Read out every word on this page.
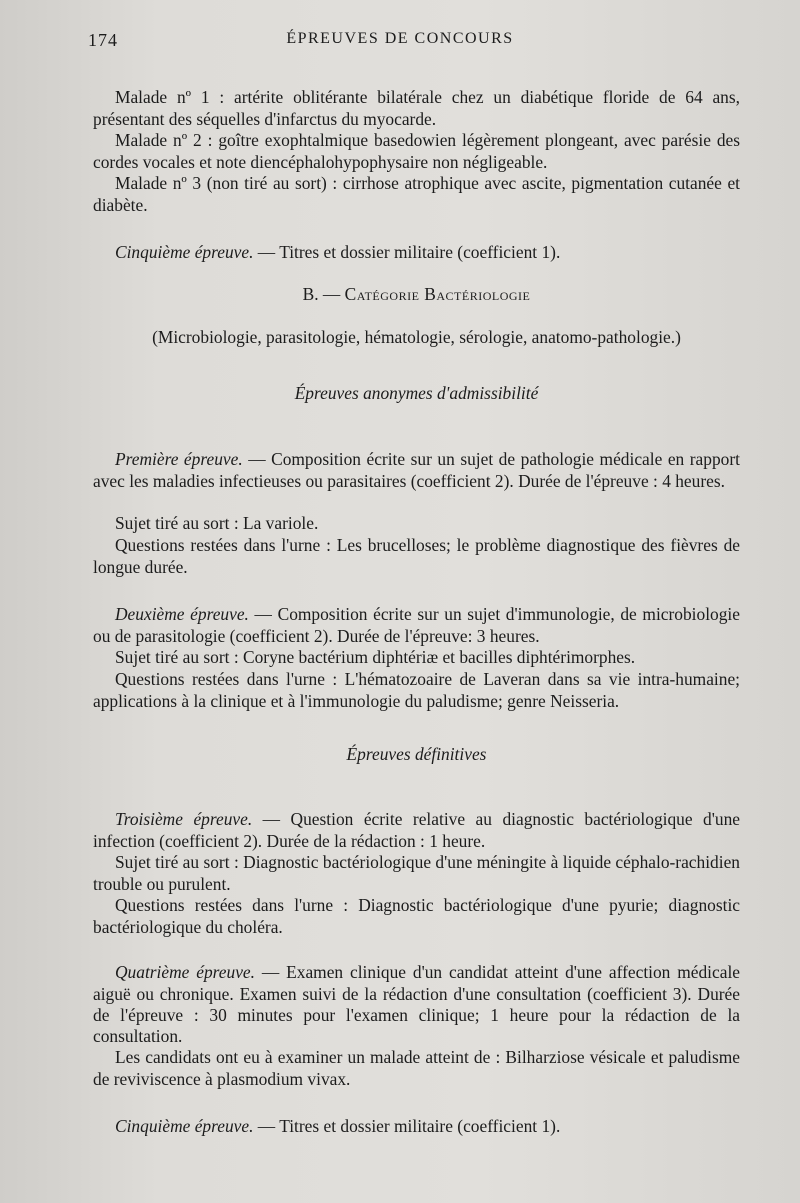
174	ÉPREUVES DE CONCOURS

Malade nº 1 : artérite oblitérante bilatérale chez un diabétique floride de 64 ans, présentant des séquelles d'infarctus du myocarde.

Malade nº 2 : goître exophtalmique basedowien légèrement plongeant, avec parésie des cordes vocales et note diencéphalohypophysaire non négligeable.

Malade nº 3 (non tiré au sort) : cirrhose atrophique avec ascite, pigmentation cutanée et diabète.

Cinquième épreuve. — Titres et dossier militaire (coefficient 1).

B. — Catégorie Bactériologie
(Microbiologie, parasitologie, hématologie, sérologie, anatomo-pathologie.)
Épreuves anonymes d'admissibilité

Première épreuve. — Composition écrite sur un sujet de pathologie médicale en rapport avec les maladies infectieuses ou parasitaires (coefficient 2). Durée de l'épreuve : 4 heures.

Sujet tiré au sort : La variole.

Questions restées dans l'urne : Les brucelloses; le problème diagnostique des fièvres de longue durée.

Deuxième épreuve. — Composition écrite sur un sujet d'immunologie, de microbiologie ou de parasitologie (coefficient 2). Durée de l'épreuve: 3 heures.

Sujet tiré au sort : Coryne bactérium diphtériæ et bacilles diphtérimorphes.

Questions restées dans l'urne : L'hématozoaire de Laveran dans sa vie intra-humaine; applications à la clinique et à l'immunologie du paludisme; genre Neisseria.

Épreuves définitives

Troisième épreuve. — Question écrite relative au diagnostic bactériologique d'une infection (coefficient 2). Durée de la rédaction : 1 heure.

Sujet tiré au sort : Diagnostic bactériologique d'une méningite à liquide céphalo-rachidien trouble ou purulent.

Questions restées dans l'urne : Diagnostic bactériologique d'une pyurie; diagnostic bactériologique du choléra.

Quatrième épreuve. — Examen clinique d'un candidat atteint d'une affection médicale aiguë ou chronique. Examen suivi de la rédaction d'une consultation (coefficient 3). Durée de l'épreuve : 30 minutes pour l'examen clinique; 1 heure pour la rédaction de la consultation.

Les candidats ont eu à examiner un malade atteint de : Bilharziose vésicale et paludisme de reviviscence à plasmodium vivax.

Cinquième épreuve. — Titres et dossier militaire (coefficient 1).
